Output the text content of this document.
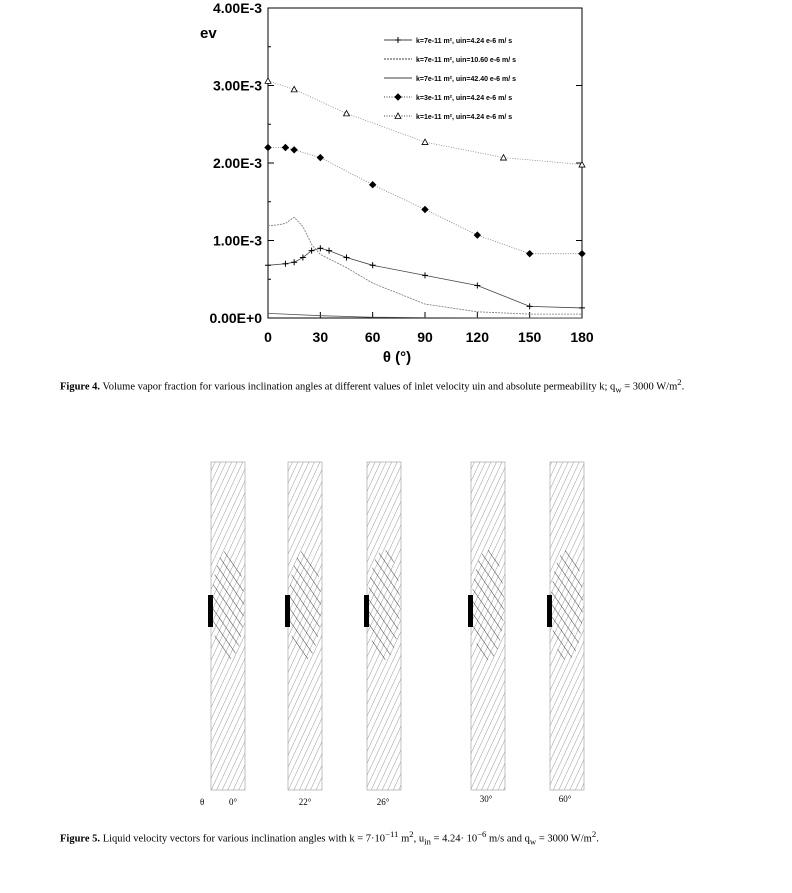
0.00E+0
1.00E-3
2.00E-3
3.00E-3
4.00E-3
0	30	60	90 120 150 180
k=7e-11 m², uin=4.24 e-6 m/ s
k=7e-11 m², uin=10.60 e-6 m/ s
k=7e-11 m², uin=42.40 e-6 m/ s
k=3e-11 m², uin=4.24 e-6 m/ s
k=1e-11 m², uin=4.24 e-6 m/ s
ev
θ (°)
Figure 4. Volume vapor fraction for various inclination angles at different values of inlet velocity uin and absolute permeability k; $q_w = 3000$ $W/m^2$.
0°	22°	26°	30°	60°
θ
Figure 5. Liquid velocity vectors for various inclination angles with $k = 7\cdot 10^{-11}$ $m^2$, $u_{in} = 4.24\cdot 10^{-6}$ m/s and $q_w = 3000$ $W/m^2$.
